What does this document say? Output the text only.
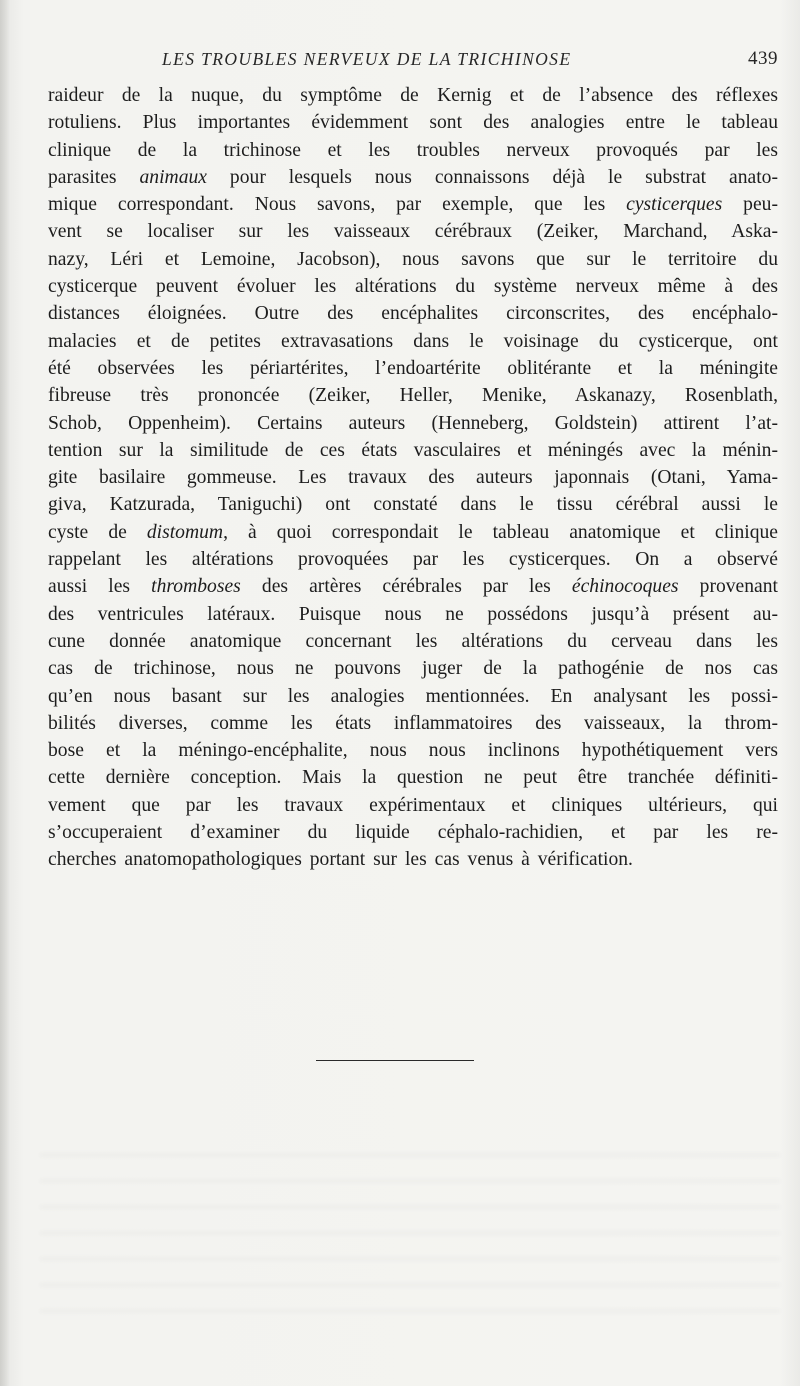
LES TROUBLES NERVEUX DE LA TRICHINOSE	439
raideur de la nuque, du symptôme de Kernig et de l’absence des réflexes
rotuliens. Plus importantes évidemment sont des analogies entre le tableau
clinique de la trichinose et les troubles nerveux provoqués par les
parasites animaux pour lesquels nous connaissons déjà le substrat anato-
mique correspondant. Nous savons, par exemple, que les cysticerques peu-
vent se localiser sur les vaisseaux cérébraux (Zeiker, Marchand, Aska-
nazy, Léri et Lemoine, Jacobson), nous savons que sur le territoire du
cysticerque peuvent évoluer les altérations du système nerveux même à des
distances éloignées. Outre des encéphalites circonscrites, des encéphalo-
malacies et de petites extravasations dans le voisinage du cysticerque, ont
été observées les périartérites, l’endoartérite oblitérante et la méningite
fibreuse très prononcée (Zeiker, Heller, Menike, Askanazy, Rosenblath,
Schob, Oppenheim). Certains auteurs (Henneberg, Goldstein) attirent l’at-
tention sur la similitude de ces états vasculaires et méningés avec la ménin-
gite basilaire gommeuse. Les travaux des auteurs japonnais (Otani, Yama-
giva, Katzurada, Taniguchi) ont constaté dans le tissu cérébral aussi le
cyste de distomum, à quoi correspondait le tableau anatomique et clinique
rappelant les altérations provoquées par les cysticerques. On a observé
aussi les thromboses des artères cérébrales par les échinocoques provenant
des ventricules latéraux. Puisque nous ne possédons jusqu’à présent au-
cune donnée anatomique concernant les altérations du cerveau dans les
cas de trichinose, nous ne pouvons juger de la pathogénie de nos cas
qu’en nous basant sur les analogies mentionnées. En analysant les possi-
bilités diverses, comme les états inflammatoires des vaisseaux, la throm-
bose et la méningo-encéphalite, nous nous inclinons hypothétiquement vers
cette dernière conception. Mais la question ne peut être tranchée définiti-
vement que par les travaux expérimentaux et cliniques ultérieurs, qui
s’occuperaient d’examiner du liquide céphalo-rachidien, et par les re-
cherches anatomopathologiques portant sur les cas venus à vérification.
